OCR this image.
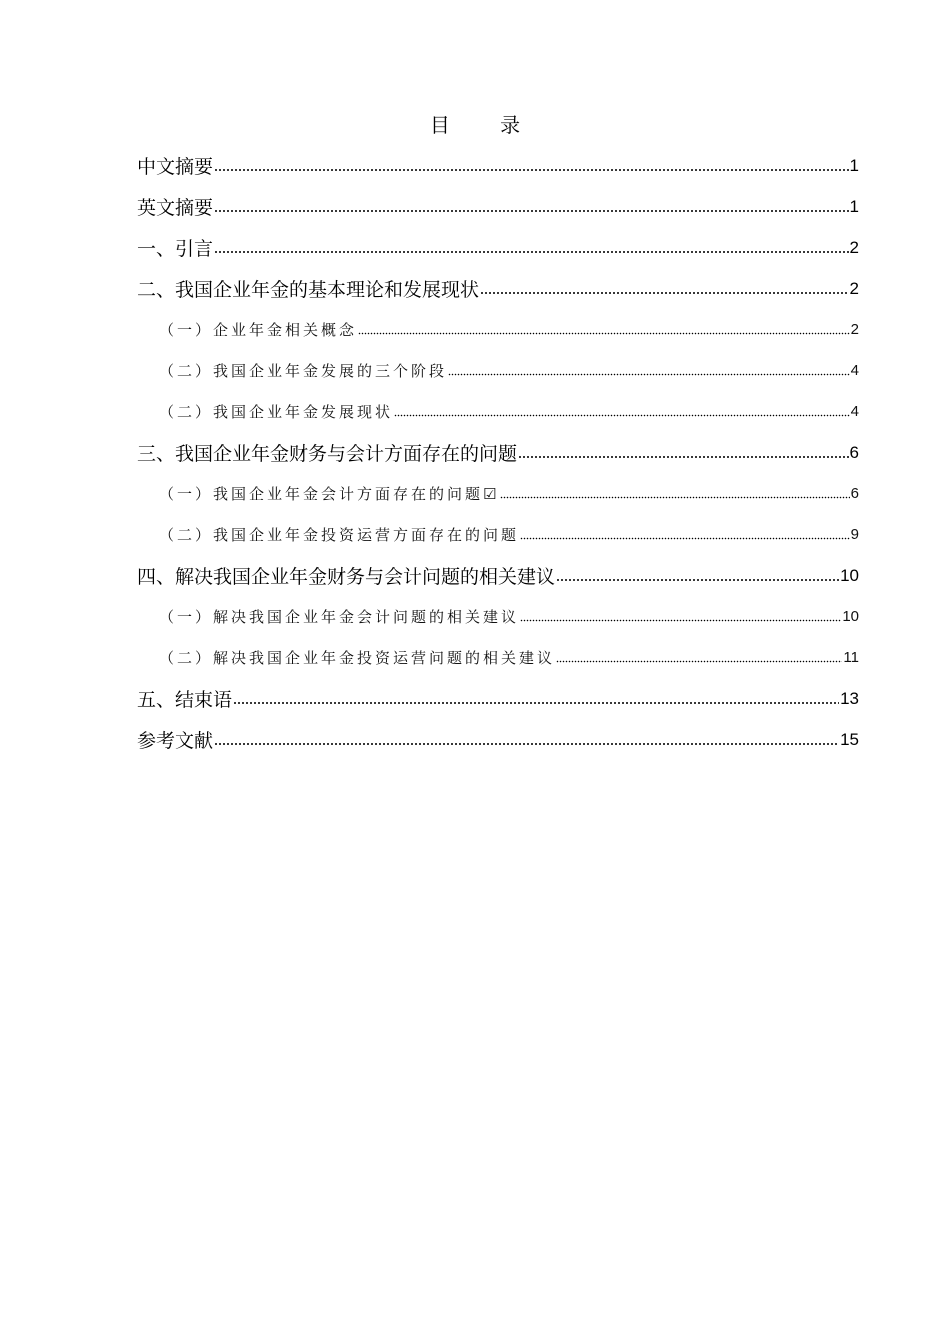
目 录
中文摘要	1
英文摘要	1
一、引言	2
二、我国企业年金的基本理论和发展现状	2
（一）企业年金相关概念	2
（二）我国企业年金发展的三个阶段	4
（二）我国企业年金发展现状	4
三、我国企业年金财务与会计方面存在的问题	6
（一）我国企业年金会计方面存在的问题☑	6
（二）我国企业年金投资运营方面存在的问题	9
四、解决我国企业年金财务与会计问题的相关建议	10
（一）解决我国企业年金会计问题的相关建议	10
（二）解决我国企业年金投资运营问题的相关建议	11
五、结束语	13
参考文献	15
